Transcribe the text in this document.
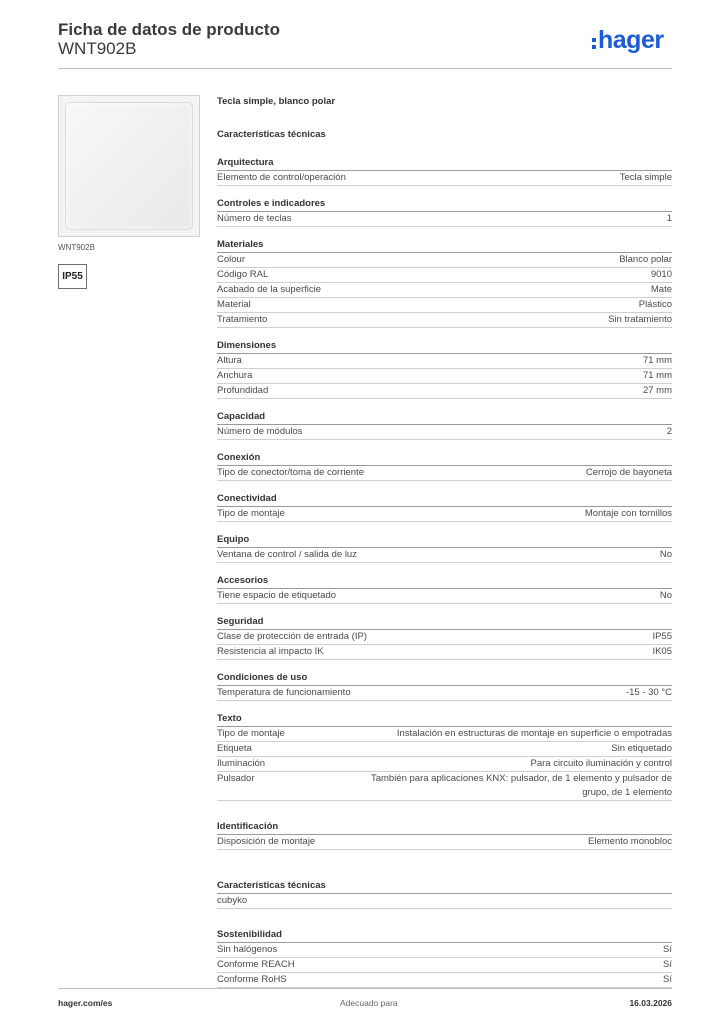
Ficha de datos de producto
WNT902B	hager
WNT902B
IP55
Tecla simple, blanco polar
Características técnicas
Arquitectura
Elemento de control/operación	Tecla simple
Controles e indicadores
Número de teclas	1
Materiales
Colour	Blanco polar
Código RAL	9010
Acabado de la superficie	Mate
Material	Plástico
Tratamiento	Sin tratamiento
Dimensiones
Altura	71 mm
Anchura	71 mm
Profundidad	27 mm
Capacidad
Número de módulos	2
Conexión
Tipo de conector/toma de corriente	Cerrojo de bayoneta
Conectividad
Tipo de montaje	Montaje con tornillos
Equipo
Ventana de control / salida de luz	No
Accesorios
Tiene espacio de etiquetado	No
Seguridad
Clase de protección de entrada (IP)	IP55
Resistencia al impacto IK	IK05
Condiciones de uso
Temperatura de funcionamiento	-15 - 30 °C
Texto
Tipo de montaje	Instalación en estructuras de montaje en superficie o empotradas
Etiqueta	Sin etiquetado
Iluminación	Para circuito iluminación y control
Pulsador	También para aplicaciones KNX: pulsador, de 1 elemento y pulsador de grupo, de 1 elemento
Identificación
Disposición de montaje	Elemento monobloc
Características técnicas
cubyko
Sostenibilidad
Sin halógenos	Sí
Conforme REACH	Sí
Conforme RoHS	Sí
hager.com/es	Adecuado para	16.03.2026
